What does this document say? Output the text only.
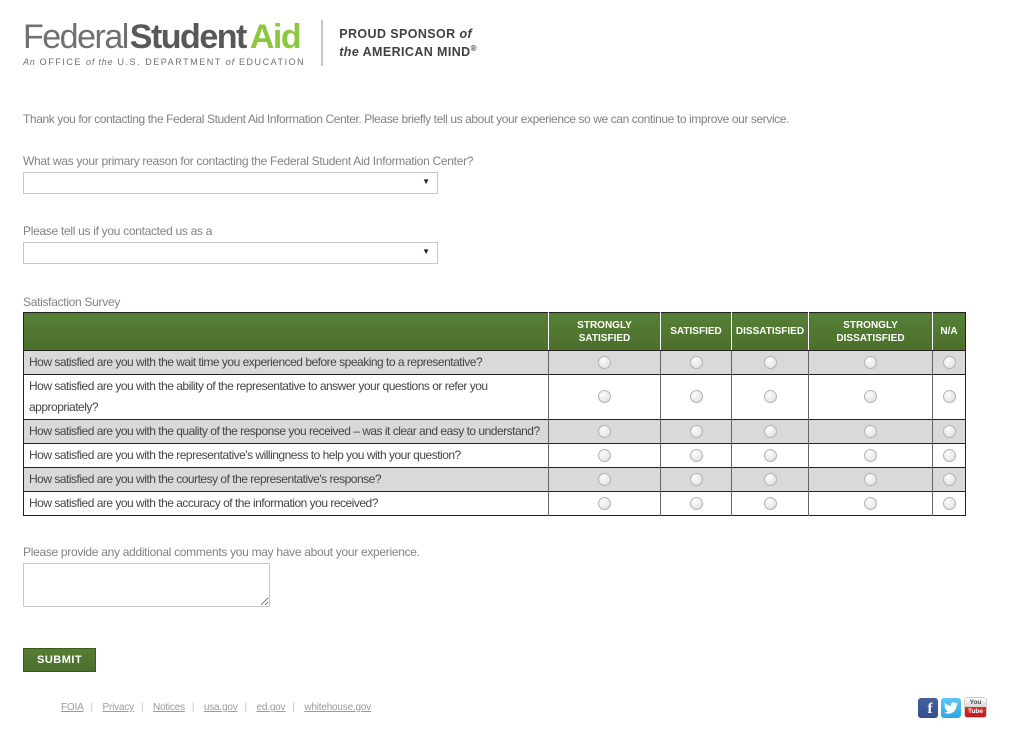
FederalStudent Aid
An OFFICE of the U.S. DEPARTMENT of EDUCATION
PROUD SPONSOR of
the AMERICAN MIND®
Thank you for contacting the Federal Student Aid Information Center. Please briefly tell us about your experience so we can continue to improve our service.
What was your primary reason for contacting the Federal Student Aid Information Center?
▼
Please tell us if you contacted us as a
▼
Satisfaction Survey
	STRONGLY SATISFIED	SATISFIED	DISSATISFIED	STRONGLY DISSATISFIED	N/A
How satisfied are you with the wait time you experienced before speaking to a representative?					
How satisfied are you with the ability of the representative to answer your questions or refer you appropriately?					
How satisfied are you with the quality of the response you received – was it clear and easy to understand?					
How satisfied are you with the representative's willingness to help you with your question?					
How satisfied are you with the courtesy of the representative's response?					
How satisfied are you with the accuracy of the information you received?					
Please provide any additional comments you may have about your experience.
SUBMIT
FOIA | Privacy | Notices | usa.gov | ed.gov | whitehouse.gov	f	You
Tube
